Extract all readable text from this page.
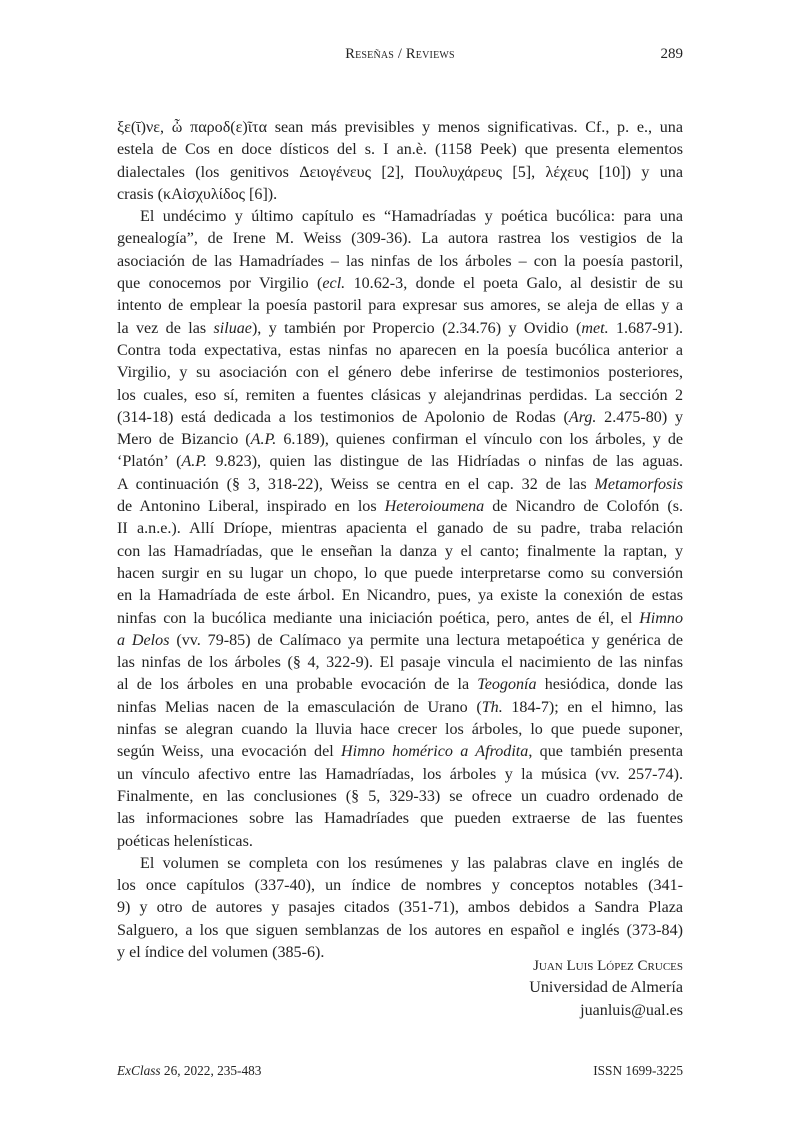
Reseñas / Reviews	289
ξε(ῑ)νε, ὦ παροδ(ε)ῖτα sean más previsibles y menos significativas. Cf., p. e., una
estela de Cos en doce dísticos del s. I an.è. (1158 Peek) que presenta elementos
dialectales (los genitivos Δειογένευς [2], Πουλυχάρευς [5], λέχευς [10]) y una
crasis (κΑἰσχυλίδος [6]).
El undécimo y último capítulo es “Hamadríadas y poética bucólica: para una
genealogía”, de Irene M. Weiss (309-36). La autora rastrea los vestigios de la
asociación de las Hamadríades – las ninfas de los árboles – con la poesía pastoril,
que conocemos por Virgilio (ecl. 10.62-3, donde el poeta Galo, al desistir de su
intento de emplear la poesía pastoril para expresar sus amores, se aleja de ellas y a
la vez de las siluae), y también por Propercio (2.34.76) y Ovidio (met. 1.687-91).
Contra toda expectativa, estas ninfas no aparecen en la poesía bucólica anterior a
Virgilio, y su asociación con el género debe inferirse de testimonios posteriores,
los cuales, eso sí, remiten a fuentes clásicas y alejandrinas perdidas. La sección 2
(314-18) está dedicada a los testimonios de Apolonio de Rodas (Arg. 2.475-80) y
Mero de Bizancio (A.P. 6.189), quienes confirman el vínculo con los árboles, y de
‘Platón’ (A.P. 9.823), quien las distingue de las Hidríadas o ninfas de las aguas.
A continuación (§ 3, 318-22), Weiss se centra en el cap. 32 de las Metamorfosis
de Antonino Liberal, inspirado en los Heteroioumena de Nicandro de Colofón (s.
II a.n.e.). Allí Dríope, mientras apacienta el ganado de su padre, traba relación
con las Hamadríadas, que le enseñan la danza y el canto; finalmente la raptan, y
hacen surgir en su lugar un chopo, lo que puede interpretarse como su conversión
en la Hamadríada de este árbol. En Nicandro, pues, ya existe la conexión de estas
ninfas con la bucólica mediante una iniciación poética, pero, antes de él, el Himno
a Delos (vv. 79-85) de Calímaco ya permite una lectura metapoética y genérica de
las ninfas de los árboles (§ 4, 322-9). El pasaje vincula el nacimiento de las ninfas
al de los árboles en una probable evocación de la Teogonía hesiódica, donde las
ninfas Melias nacen de la emasculación de Urano (Th. 184-7); en el himno, las
ninfas se alegran cuando la lluvia hace crecer los árboles, lo que puede suponer,
según Weiss, una evocación del Himno homérico a Afrodita, que también presenta
un vínculo afectivo entre las Hamadríadas, los árboles y la música (vv. 257-74).
Finalmente, en las conclusiones (§ 5, 329-33) se ofrece un cuadro ordenado de
las informaciones sobre las Hamadríades que pueden extraerse de las fuentes
poéticas helenísticas.
El volumen se completa con los resúmenes y las palabras clave en inglés de
los once capítulos (337-40), un índice de nombres y conceptos notables (341-
9) y otro de autores y pasajes citados (351-71), ambos debidos a Sandra Plaza
Salguero, a los que siguen semblanzas de los autores en español e inglés (373-84)
y el índice del volumen (385-6).
Juan Luis López Cruces
Universidad de Almería
juanluis@ual.es
ExClass 26, 2022, 235-483	ISSN 1699-3225
